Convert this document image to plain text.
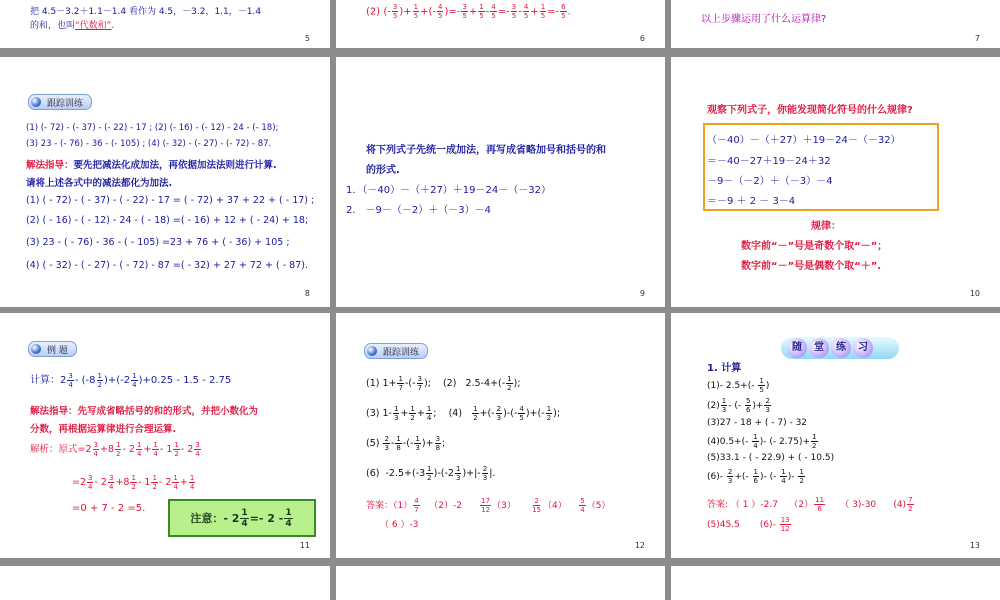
把 4.5－3.2＋1.1－1.4 看作为 4.5，－3.2，1.1，－1.4
的和，也叫“代数和”.
5
(2) (- $\frac{3}{5}$ )+ $\frac{1}{5}$ +(- $\frac{4}{5}$ )=- $\frac{3}{5} + \frac{1}{5} - \frac{4}{5} =- \frac{3}{5} - \frac{4}{5} + \frac{1}{5} =- \frac{6}{5}$ .
6
以上步骤运用了什么运算律?
7
跟踪训练
(1) (- 72) - (- 37) - (- 22) - 17 ; (2) (- 16) - (- 12) - 24 - (- 18);
(3) 23 - (- 76) - 36 - (- 105) ; (4) (- 32) - (- 27) - (- 72) - 87.
解法指导：要先把减法化成加法，再依据加法法则进行计算.
请将上述各式中的减法都化为加法.
(1) ( - 72) - ( - 37) - ( - 22) - 17 = ( - 72) + 37 + 22 + ( - 17) ;
(2) ( - 16) - ( - 12) - 24 - ( - 18) =( - 16) + 12 + ( - 24) + 18;
(3) 23 - ( - 76) - 36 - ( - 105) =23 + 76 + ( - 36) + 105 ;
(4) ( - 32) - ( - 27) - ( - 72) - 87 =( - 32) + 27 + 72 + ( - 87).
8
将下列式子先统一成加法，再写成省略加号和括号的和
的形式.
1．（－40）－（＋27）＋19－24－（－32）
2． －9－（－2）＋（－3）－4
9
观察下列式子，你能发现简化符号的什么规律?
（－40）－（＋27）＋19－24－（－32）
＝－40－27＋19－24＋32
－9－（－2）＋（－3）－4
＝－9 ＋ 2 － 3－4
规律：
数字前“－”号是奇数个取“－”；
数字前“－”号是偶数个取“＋”.
10
例 题
计算：$2 \frac{3}{4} - (-8 \frac{1}{2} )+(-2 \frac{1}{4} )+0.25 - 1.5 - 2.75$
解法指导：先写成省略括号的和的形式，并把小数化为
分数，再根据运算律进行合理运算.
解析：原式$=2 \frac{3}{4} +8 \frac{1}{2} - 2 \frac{1}{4} + \frac{1}{4} - 1 \frac{1}{2} - 2 \frac{3}{4}$
$=2 \frac{3}{4} - 2 \frac{3}{4} +8 \frac{1}{2} - 1 \frac{1}{2} - 2 \frac{1}{4} + \frac{1}{4}$
=0 + 7 - 2 =5.
注意： - $2 \frac{1}{4} =- 2 - \frac{1}{4}$
11
跟踪训练
(1) $1+ \frac{1}{7}$ -(- $\frac{3}{7}$ );    (2)   $2.5-4+(- \frac{1}{2}$ );
(3) $1- \frac{1}{3} + \frac{1}{2} + \frac{1}{4}$ ;    $(4) \frac{1}{2}$ +(- $\frac{2}{3}$ )-(- $\frac{4}{5}$ )+(- $\frac{1}{2}$ );
$(5) \frac{2}{3} - \frac{1}{8}$ -(- $\frac{1}{3}$ )+ $\frac{3}{8}$ ;
(6)  $-2.5+(-3 \frac{1}{2} )-(-2 \frac{1}{3}$ )+|- $\frac{2}{3}$ |.
答案：$(1) \frac{4}{7} (2)-2 \frac{17}{12} (3) \frac{2}{15} (4) \frac{5}{4} (5)$
（ 6 ）-3
12
随	堂	练	习
1. 计算
(1)- $2.5+(- \frac{1}{5}$ )
$(2) \frac{1}{3}$ - (- $\frac{5}{6}$ )+ $\frac{2}{3}$
(3)27 - 18 + ( - 7) - 32
$(4)0.5+(- \frac{1}{4}$ )- (- $2.75)+ \frac{1}{2}$
(5)33.1 - ( - 22.9) + ( - 10.5)
$(6)- \frac{2}{3}$ +(- $\frac{1}{6}$ )- (- $\frac{1}{4}$ )- $\frac{1}{2}$
答案: （ 1 ）-2.7    $(2) \frac{11}{6}$ （ 3)-30      $(4) \frac{7}{2}$
(5)45.5       $(6)- \frac{13}{12}$
13
